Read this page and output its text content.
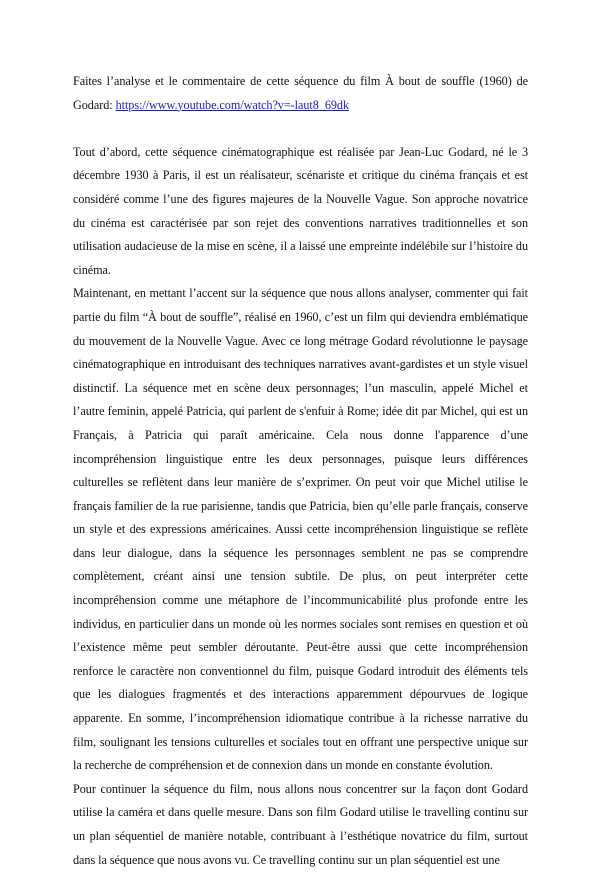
Faites l’analyse et le commentaire de cette séquence du film À bout de souffle (1960) de Godard: https://www.youtube.com/watch?v=-laut8_69dk

Tout d’abord, cette séquence cinématographique est réalisée par Jean-Luc Godard, né le 3 décembre 1930 à Paris, il est un réalisateur, scénariste et critique du cinéma français et est considéré comme l’une des figures majeures de la Nouvelle Vague. Son approche novatrice du cinéma est caractérisée par son rejet des conventions narratives traditionnelles et son utilisation audacieuse de la mise en scène, il a laissé une empreinte indélébile sur l’histoire du cinéma.

Maintenant, en mettant l’accent sur la séquence que nous allons analyser, commenter qui fait partie du film “À bout de souffle”, réalisé en 1960, c’est un film qui deviendra emblématique du mouvement de la Nouvelle Vague. Avec ce long métrage Godard révolutionne le paysage cinématographique en introduisant des techniques narratives avant-gardistes et un style visuel distinctif. La séquence met en scène deux personnages; l’un masculin, appelé Michel et l’autre feminin, appelé Patricia, qui parlent de s'enfuir à Rome; idée dit par Michel, qui est un Français, à Patricia qui paraît américaine. Cela nous donne l'apparence d’une incompréhension linguistique entre les deux personnages, puisque leurs différences culturelles se reflètent dans leur manière de s’exprimer. On peut voir que Michel utilise le français familier de la rue parisienne, tandis que Patricia, bien qu’elle parle français, conserve un style et des expressions américaines. Aussi cette incompréhension linguistique se reflète dans leur dialogue, dans la séquence les personnages semblent ne pas se comprendre complètement, créant ainsi une tension subtile. De plus, on peut interpréter cette incompréhension comme une métaphore de l’incommunicabilité plus profonde entre les individus, en particulier dans un monde où les normes sociales sont remises en question et où l’existence même peut sembler déroutante. Peut-être aussi que cette incompréhension renforce le caractère non conventionnel du film, puisque Godard introduit des éléments tels que les dialogues fragmentés et des interactions apparemment dépourvues de logique apparente. En somme, l’incompréhension idiomatique contribue à la richesse narrative du film, soulignant les tensions culturelles et sociales tout en offrant une perspective unique sur la recherche de compréhension et de connexion dans un monde en constante évolution.

Pour continuer la séquence du film, nous allons nous concentrer sur la façon dont Godard utilise la caméra et dans quelle mesure. Dans son film Godard utilise le travelling continu sur un plan séquentiel de manière notable, contribuant à l’esthétique novatrice du film, surtout dans la séquence que nous avons vu. Ce travelling continu sur un plan séquentiel est une
